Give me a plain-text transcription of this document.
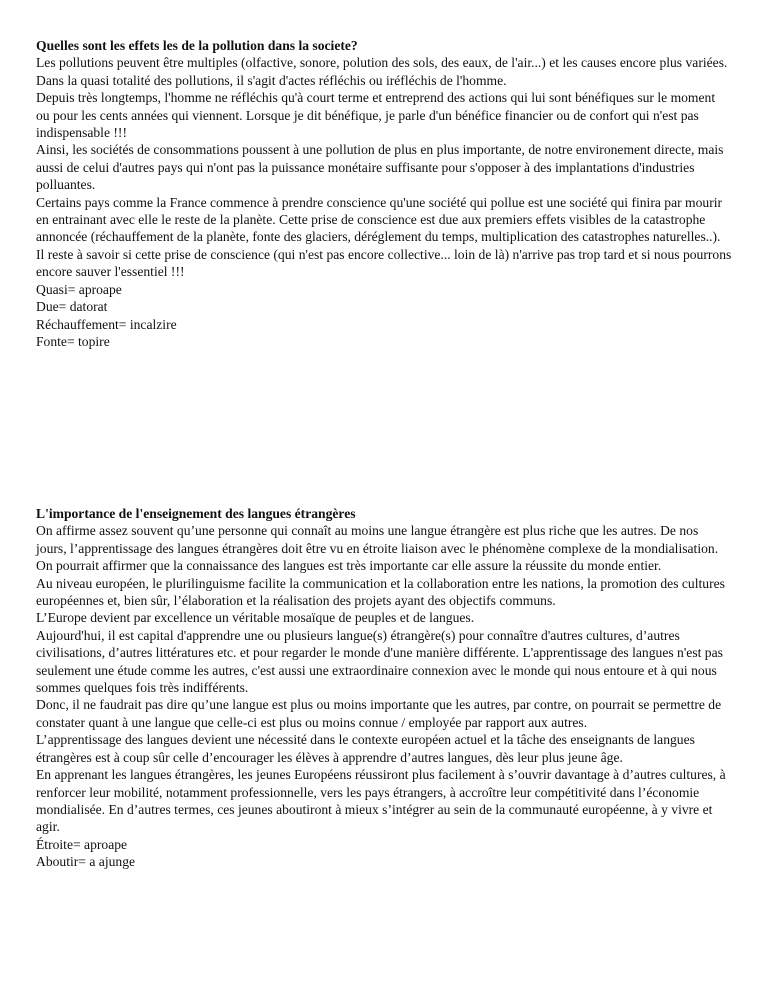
Quelles sont les effets les de la pollution dans la societe?

Les pollutions peuvent être multiples (olfactive, sonore, polution des sols, des eaux, de l'air...) et les causes encore plus variées.

Dans la quasi totalité des pollutions, il s'agit d'actes réfléchis ou iréfléchis de l'homme.

Depuis très longtemps, l'homme ne réfléchis qu'à court terme et entreprend des actions qui lui sont bénéfiques sur le moment ou pour les cents années qui viennent. Lorsque je dit bénéfique, je parle d'un bénéfice financier ou de confort qui n'est pas indispensable !!!

Ainsi, les sociétés de consommations poussent à une pollution de plus en plus importante, de notre environement directe, mais aussi de celui d'autres pays qui n'ont pas la puissance monétaire suffisante pour s'opposer à des implantations d'industries polluantes.

Certains pays comme la France commence à prendre conscience qu'une société qui pollue est une société qui finira par mourir en entrainant avec elle le reste de la planète. Cette prise de conscience est due aux premiers effets visibles de la catastrophe annoncée (réchauffement de la planète, fonte des glaciers, déréglement du temps, multiplication des catastrophes naturelles..).

Il reste à savoir si cette prise de conscience (qui n'est pas encore collective... loin de là) n'arrive pas trop tard et si nous pourrons encore sauver l'essentiel !!!

Quasi= aproape

Due= datorat

Réchauffement= incalzire

Fonte= topire

L'importance de l'enseignement des langues étrangères

On affirme assez souvent qu’une personne qui connaît au moins une langue étrangère est plus riche que les autres. De nos jours, l’apprentissage des langues étrangères doit être vu en étroite liaison avec le phénomène complexe de la mondialisation. On pourrait affirmer que la connaissance des langues est très importante car elle assure la réussite du monde entier.

Au niveau européen, le plurilinguisme facilite la communication et la collaboration entre les nations, la promotion des cultures européennes et, bien sûr, l’élaboration et la réalisation des projets ayant des objectifs communs.

L’Europe devient par excellence un véritable mosaïque de peuples et de langues.

Aujourd'hui, il est capital d'apprendre une ou plusieurs langue(s) étrangère(s) pour connaître d'autres cultures, d’autres civilisations, d’autres littératures etc. et pour regarder le monde d'une manière différente. L'apprentissage des langues n'est pas seulement une étude comme les autres, c'est aussi une extraordinaire connexion avec le monde qui nous entoure et à qui nous sommes quelques fois très indifférents.

Donc, il ne faudrait pas dire qu’une langue est plus ou moins importante que les autres, par contre, on pourrait se permettre de constater quant à une langue que celle-ci est plus ou moins connue / employée par rapport aux autres.

L’apprentissage des langues devient une nécessité dans le contexte européen actuel et la tâche des enseignants de langues étrangères est à coup sûr celle d’encourager les élèves à apprendre d’autres langues, dès leur plus jeune âge.

En apprenant les langues étrangères, les jeunes Européens réussiront plus facilement à s’ouvrir davantage à d’autres cultures, à renforcer leur mobilité, notamment professionnelle, vers les pays étrangers, à accroître leur compétitivité dans l’économie mondialisée. En d’autres termes, ces jeunes aboutiront à mieux s’intégrer au sein de la communauté européenne, à y vivre et agir.

Étroite= aproape

Aboutir= a ajunge
